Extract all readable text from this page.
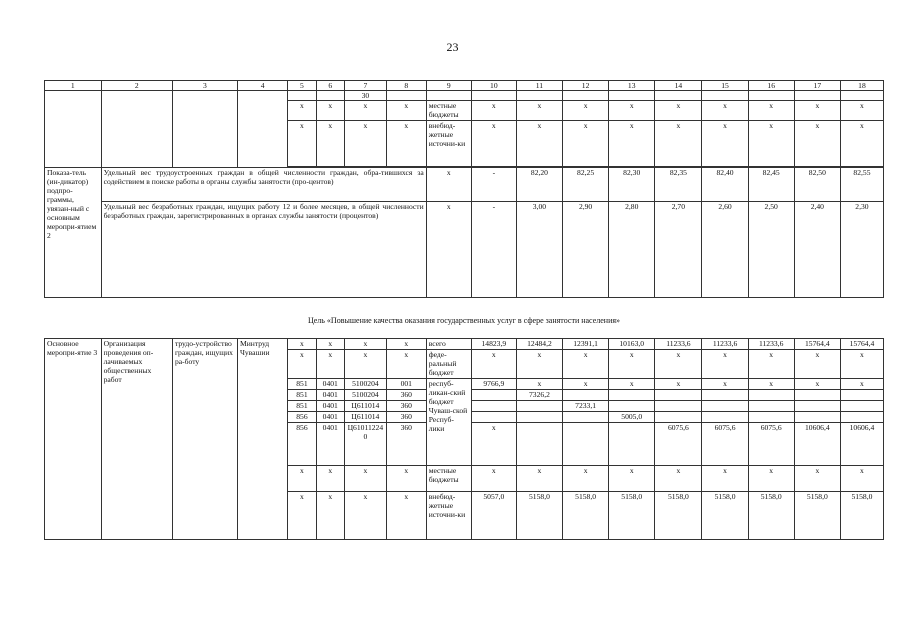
23
1	2	3	4	5	6	7	8	9	10	11	12	13	14	15	16	17	18
						30											
				х	х	х	х	местные бюджеты	х	х	х	х	х	х	х	х	х
				х	х	х	х	внебюд-жетные источни-ки	х	х	х	х	х	х	х	х	х

Показа-тель (ин-дикатор) подпро-граммы, увязан-ный с основным меропри-ятием 2	Удельный вес трудоустроенных граждан в общей численности граждан, обра-тившихся за содействием в поиске работы в органы службы занятости (про-центов)							х	-	82,20	82,25	82,30	82,35	82,40	82,45	82,50	82,55
	Удельный вес безработных граждан, ищущих работу 12 и более месяцев, в общей численности безработных граждан, зарегистрированных в органах службы занятости (процентов)							х	-	3,00	2,90	2,80	2,70	2,60	2,50	2,40	2,30

Цель «Повышение качества оказания государственных услуг в сфере занятости населения»
Основное меропри-ятие 3	Организация проведения оп-лачиваемых общественных работ	трудо-устройство граждан, ищущих ра-боту	Минтруд Чувашии	х	х	х	х	всего	14823,9	12484,2	12391,1	10163,0	11233,6	11233,6	11233,6	15764,4	15764,4
				х	х	х	х	феде-ральный бюджет	х	х	х	х	х	х	х	х	х
				851	0401	5100204	001	респуб-ликан-ский бюджет Чуваш-ской Респуб-лики	9766,9	х	х	х	х	х	х	х	х
				851	0401	5100204	360			7326,2							
				851	0401	Ц611014	360				7233,1						
				856	0401	Ц611014	360					5005,0					
				856	0401	Ц61011224 0	360		х				6075,6	6075,6	6075,6	10606,4	10606,4
				х	х	х	х	местные бюджеты	х	х	х	х	х	х	х	х	х
				х	х	х	х	внебюд-жетные источни-ки	5057,0	5158,0	5158,0	5158,0	5158,0	5158,0	5158,0	5158,0	5158,0
